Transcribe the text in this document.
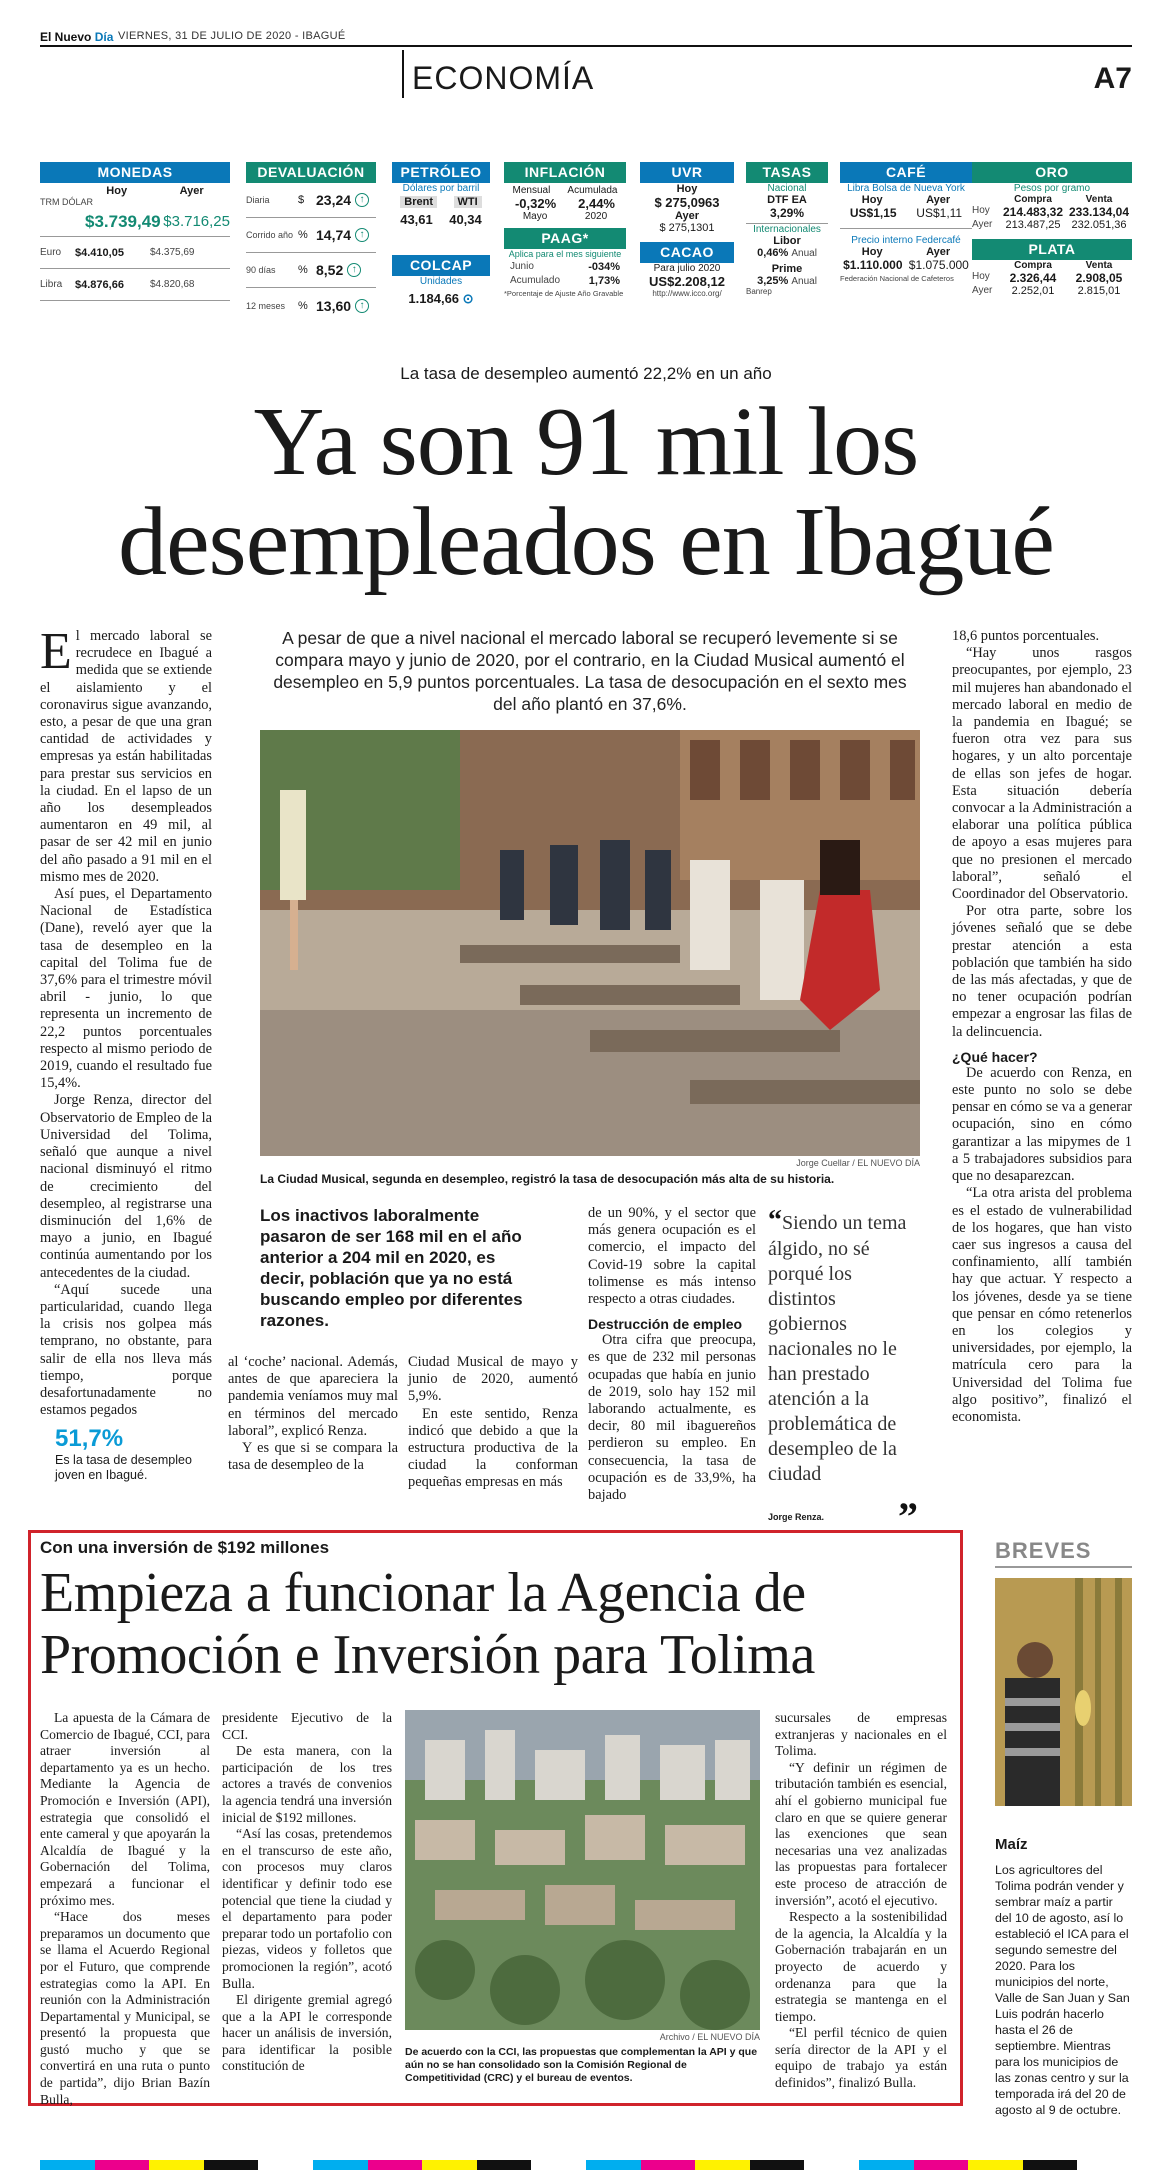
El Nuevo Día VIERNES, 31 DE JULIO DE 2020 - IBAGUÉ
ECONOMÍA	A7
MONEDAS
Hoy	Ayer
TRM DÓLAR
$3.739,49 $3.716,25
Euro	$4.410,05	$4.375,69
Libra	$4.876,66	$4.820,68
DEVALUACIÓN
Diaria	$ 23,24 ↑
Corrido año % 14,74 ↑
90 días	% 8,52 ↑
12 meses	% 13,60 ↑
PETRÓLEO
Dólares por barril
Brent	WTI
43,61 40,34
COLCAP
Unidades
1.184,66 ⊙
INFLACIÓN
Mensual Acumulada
-0,32% 2,44%
Mayo	2020
PAAG*
Aplica para el mes siguiente
Junio	-034%
Acumulado	1,73%
*Porcentaje de Ajuste Año Gravable
UVR
Hoy
$ 275,0963
Ayer
$ 275,1301
CACAO
Para julio 2020
US$2.208,12
http://www.icco.org/
TASAS
Nacional
DTF EA
3,29%
Internacionales
Libor
0,46% Anual
Prime
3,25% Anual
Banrep
CAFÉ
Libra Bolsa de Nueva York
Hoy	Ayer
US$1,15 US$1,11
Precio interno Federcafé
Hoy	Ayer
$1.110.000 $1.075.000
Federación Nacional de Cafeteros
ORO
Pesos por gramo
Compra	Venta
Hoy	214.483,32 233.134,04
Ayer	213.487,25 232.051,36
PLATA
Compra	Venta
Hoy	2.326,44	2.908,05
Ayer	2.252,01	2.815,01
La tasa de desempleo aumentó 22,2% en un año
Ya son 91 mil los
desempleados en Ibagué
A pesar de que a nivel nacional el mercado laboral se recuperó levemente si se compara mayo y junio de 2020, por el contrario, en la Ciudad Musical aumentó el desempleo en 5,9 puntos porcentuales. La tasa de desocupación en el sexto mes del año plantó en 37,6%.

El mercado laboral se recrudece en Ibagué a medida que se extiende el aislamiento y el coronavirus sigue avanzando, esto, a pesar de que una gran cantidad de actividades y empresas ya están habilitadas para prestar sus servicios en la ciudad. En el lapso de un año los desempleados aumentaron en 49 mil, al pasar de ser 42 mil en junio del año pasado a 91 mil en el mismo mes de 2020.

Así pues, el Departamento Nacional de Estadística (Dane), reveló ayer que la tasa de desempleo en la capital del Tolima fue de 37,6% para el trimestre móvil abril - junio, lo que representa un incremento de 22,2 puntos porcentuales respecto al mismo periodo de 2019, cuando el resultado fue 15,4%.

Jorge Renza, director del Observatorio de Empleo de la Universidad del Tolima, señaló que aunque a nivel nacional disminuyó el ritmo de crecimiento del desempleo, al registrarse una disminución del 1,6% de mayo a junio, en Ibagué continúa aumentando por los antecedentes de la ciudad.

“Aquí sucede una particularidad, cuando llega la crisis nos golpea más temprano, no obstante, para salir de ella nos lleva más tiempo, porque desafortunadamente no estamos pegados

51,7%
Es la tasa de desempleo joven en Ibagué.
Jorge Cuellar / EL NUEVO DÍA
La Ciudad Musical, segunda en desempleo, registró la tasa de desocupación más alta de su historia.
Los inactivos laboralmente pasaron de ser 168 mil en el año anterior a 204 mil en 2020, es decir, población que ya no está buscando empleo por diferentes razones.

al ‘coche’ nacional. Además, antes de que apareciera la pandemia veníamos muy mal en términos del mercado laboral”, explicó Renza.

Y es que si se compara la tasa de desempleo de la

Ciudad Musical de mayo y junio de 2020, aumentó 5,9%.

En este sentido, Renza indicó que debido a que la estructura productiva de la ciudad la conforman pequeñas empresas en más

de un 90%, y el sector que más genera ocupación es el comercio, el impacto del Covid-19 sobre la capital tolimense es más intenso respecto a otras ciudades.

Destrucción de empleo

Otra cifra que preocupa, es que de 232 mil personas ocupadas que había en junio de 2019, solo hay 152 mil laborando actualmente, es decir, 80 mil ibaguereños perdieron su empleo. En consecuencia, la tasa de ocupación es de 33,9%, ha bajado

“Siendo un tema álgido, no sé porqué los distintos gobiernos nacionales no le han prestado atención a la problemática de desempleo de la ciudad
Jorge Renza. ”

18,6 puntos porcentuales.

“Hay unos rasgos preocupantes, por ejemplo, 23 mil mujeres han abandonado el mercado laboral en medio de la pandemia en Ibagué; se fueron otra vez para sus hogares, y un alto porcentaje de ellas son jefes de hogar. Esta situación debería convocar a la Administración a elaborar una política pública de apoyo a esas mujeres para que no presionen el mercado laboral”, señaló el Coordinador del Observatorio.

Por otra parte, sobre los jóvenes señaló que se debe prestar atención a esta población que también ha sido de las más afectadas, y que de no tener ocupación podrían empezar a engrosar las filas de la delincuencia.

¿Qué hacer?

De acuerdo con Renza, en este punto no solo se debe pensar en cómo se va a generar ocupación, sino en cómo garantizar a las mipymes de 1 a 5 trabajadores subsidios para que no desaparezcan.

“La otra arista del problema es el estado de vulnerabilidad de los hogares, que han visto caer sus ingresos a causa del confinamiento, allí también hay que actuar. Y respecto a los jóvenes, desde ya se tiene que pensar en cómo retenerlos en los colegios y universidades, por ejemplo, la matrícula cero para la Universidad del Tolima fue algo positivo”, finalizó el economista.

Con una inversión de $192 millones
Empieza a funcionar la Agencia de
Promoción e Inversión para Tolima

La apuesta de la Cámara de Comercio de Ibagué, CCI, para atraer inversión al departamento ya es un hecho. Mediante la Agencia de Promoción e Inversión (API), estrategia que consolidó el ente cameral y que apoyarán la Alcaldía de Ibagué y la Gobernación del Tolima, empezará a funcionar el próximo mes.

“Hace dos meses preparamos un documento que se llama el Acuerdo Regional por el Futuro, que comprende estrategias como la API. En reunión con la Administración Departamental y Municipal, se presentó la propuesta que gustó mucho y que se convertirá en una ruta o punto de partida”, dijo Brian Bazín Bulla,

presidente Ejecutivo de la CCI.

De esta manera, con la participación de los tres actores a través de convenios la agencia tendrá una inversión inicial de $192 millones.

“Así las cosas, pretendemos en el transcurso de este año, con procesos muy claros identificar y definir todo ese potencial que tiene la ciudad y el departamento para poder preparar todo un portafolio con piezas, videos y folletos que promocionen la región”, acotó Bulla.

El dirigente gremial agregó que a la API le corresponde hacer un análisis de inversión, para identificar la posible constitución de

Archivo / EL NUEVO DÍA
De acuerdo con la CCI, las propuestas que complementan la API y que aún no se han consolidado son la Comisión Regional de Competitividad (CRC) y el bureau de eventos.

sucursales de empresas extranjeras y nacionales en el Tolima.

“Y definir un régimen de tributación también es esencial, ahí el gobierno municipal fue claro en que se quiere generar las exenciones que sean necesarias una vez analizadas las propuestas para fortalecer este proceso de atracción de inversión”, acotó el ejecutivo.

Respecto a la sostenibilidad de la agencia, la Alcaldía y la Gobernación trabajarán en un proyecto de acuerdo y ordenanza para que la estrategia se mantenga en el tiempo.

“El perfil técnico de quien sería director de la API y el equipo de trabajo ya están definidos”, finalizó Bulla.

BREVES
Maíz
Los agricultores del Tolima podrán vender y sembrar maíz a partir del 10 de agosto, así lo estableció el ICA para el segundo semestre del 2020. Para los municipios del norte, Valle de San Juan y San Luis podrán hacerlo hasta el 26 de septiembre. Mientras para los municipios de las zonas centro y sur la temporada irá del 20 de agosto al 9 de octubre.
